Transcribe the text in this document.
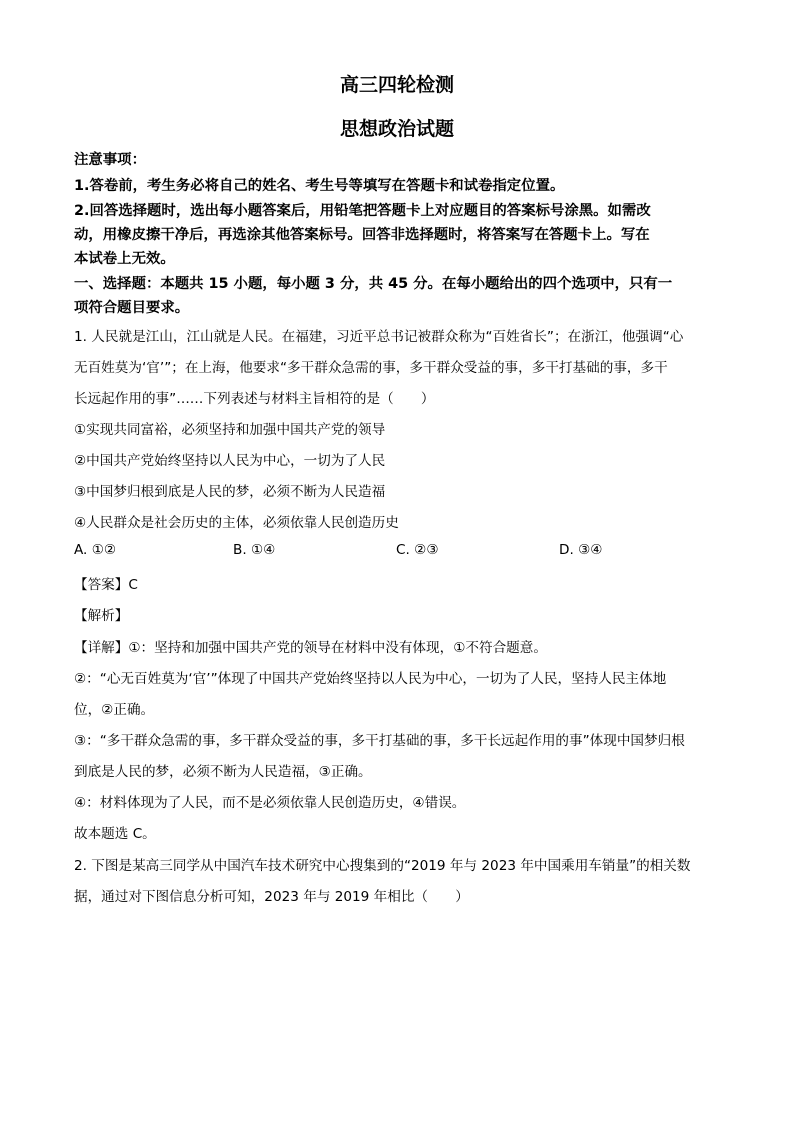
高三四轮检测
思想政治试题
注意事项：
1.答卷前，考生务必将自己的姓名、考生号等填写在答题卡和试卷指定位置。
2.回答选择题时，选出每小题答案后，用铅笔把答题卡上对应题目的答案标号涂黑。如需改
动，用橡皮擦干净后，再选涂其他答案标号。回答非选择题时，将答案写在答题卡上。写在
本试卷上无效。
一、选择题：本题共 15 小题，每小题 3 分，共 45 分。在每小题给出的四个选项中，只有一
项符合题目要求。
1. 人民就是江山，江山就是人民。在福建，习近平总书记被群众称为“百姓省长”；在浙江，他强调“心
无百姓莫为‘官’”；在上海，他要求“多干群众急需的事，多干群众受益的事，多干打基础的事，多干
长远起作用的事”……下列表述与材料主旨相符的是（　　）
①实现共同富裕，必须坚持和加强中国共产党的领导
②中国共产党始终坚持以人民为中心，一切为了人民
③中国梦归根到底是人民的梦，必须不断为人民造福
④人民群众是社会历史的主体，必须依靠人民创造历史
A. ①②	B. ①④	C. ②③	D. ③④
【答案】C
【解析】
【详解】①：坚持和加强中国共产党的领导在材料中没有体现，①不符合题意。
②：“心无百姓莫为‘官’”体现了中国共产党始终坚持以人民为中心，一切为了人民，坚持人民主体地
位，②正确。
③：“多干群众急需的事，多干群众受益的事，多干打基础的事，多干长远起作用的事”体现中国梦归根
到底是人民的梦，必须不断为人民造福，③正确。
④：材料体现为了人民，而不是必须依靠人民创造历史，④错误。
故本题选 C。
2. 下图是某高三同学从中国汽车技术研究中心搜集到的“2019 年与 2023 年中国乘用车销量”的相关数
据，通过对下图信息分析可知，2023 年与 2019 年相比（　　）
